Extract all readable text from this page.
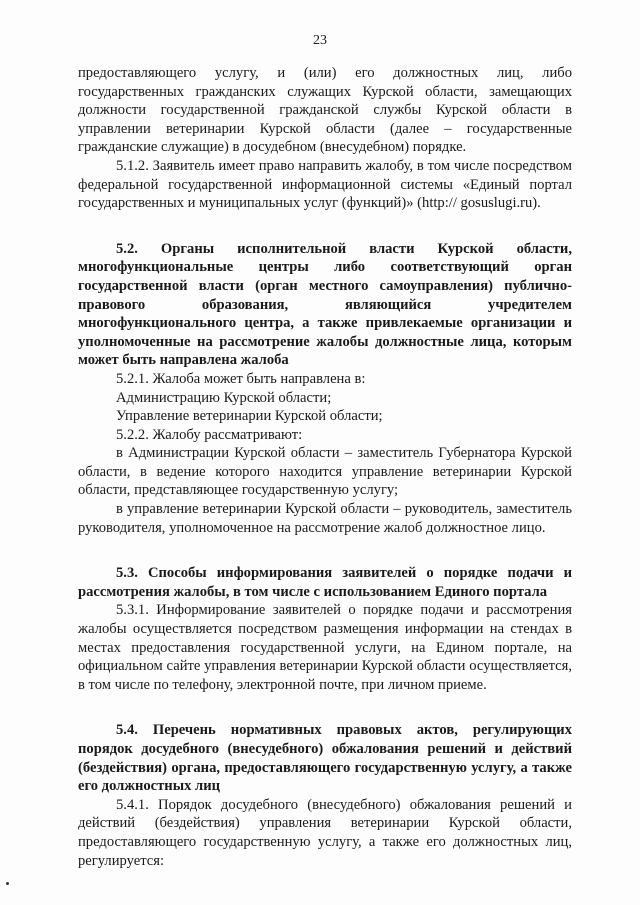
23

предоставляющего услугу, и (или) его должностных лиц, либо государственных гражданских служащих Курской области, замещающих должности государственной гражданской службы Курской области в управлении ветеринарии Курской области (далее – государственные гражданские служащие) в досудебном (внесудебном) порядке.

5.1.2. Заявитель имеет право направить жалобу, в том числе посредством федеральной государственной информационной системы «Единый портал государственных и муниципальных услуг (функций)» (http:// gosuslugi.ru).

5.2. Органы исполнительной власти Курской области, многофункциональные центры либо соответствующий орган государственной власти (орган местного самоуправления) публично-правового образования, являющийся учредителем многофункционального центра, а также привлекаемые организации и уполномоченные на рассмотрение жалобы должностные лица, которым может быть направлена жалоба

5.2.1. Жалоба может быть направлена в:

Администрацию Курской области;

Управление ветеринарии Курской области;

5.2.2. Жалобу рассматривают:

в Администрации Курской области – заместитель Губернатора Курской области, в ведение которого находится управление ветеринарии Курской области, представляющее государственную услугу;

в управление ветеринарии Курской области – руководитель, заместитель руководителя, уполномоченное на рассмотрение жалоб должностное лицо.

5.3. Способы информирования заявителей о порядке подачи и рассмотрения жалобы, в том числе с использованием Единого портала

5.3.1. Информирование заявителей о порядке подачи и рассмотрения жалобы осуществляется посредством размещения информации на стендах в местах предоставления государственной услуги, на Едином портале, на официальном сайте управления ветеринарии Курской области осуществляется, в том числе по телефону, электронной почте, при личном приеме.

5.4. Перечень нормативных правовых актов, регулирующих порядок досудебного (внесудебного) обжалования решений и действий (бездействия) органа, предоставляющего государственную услугу, а также его должностных лиц

5.4.1. Порядок досудебного (внесудебного) обжалования решений и действий (бездействия) управления ветеринарии Курской области, предоставляющего государственную услугу, а также его должностных лиц, регулируется:
